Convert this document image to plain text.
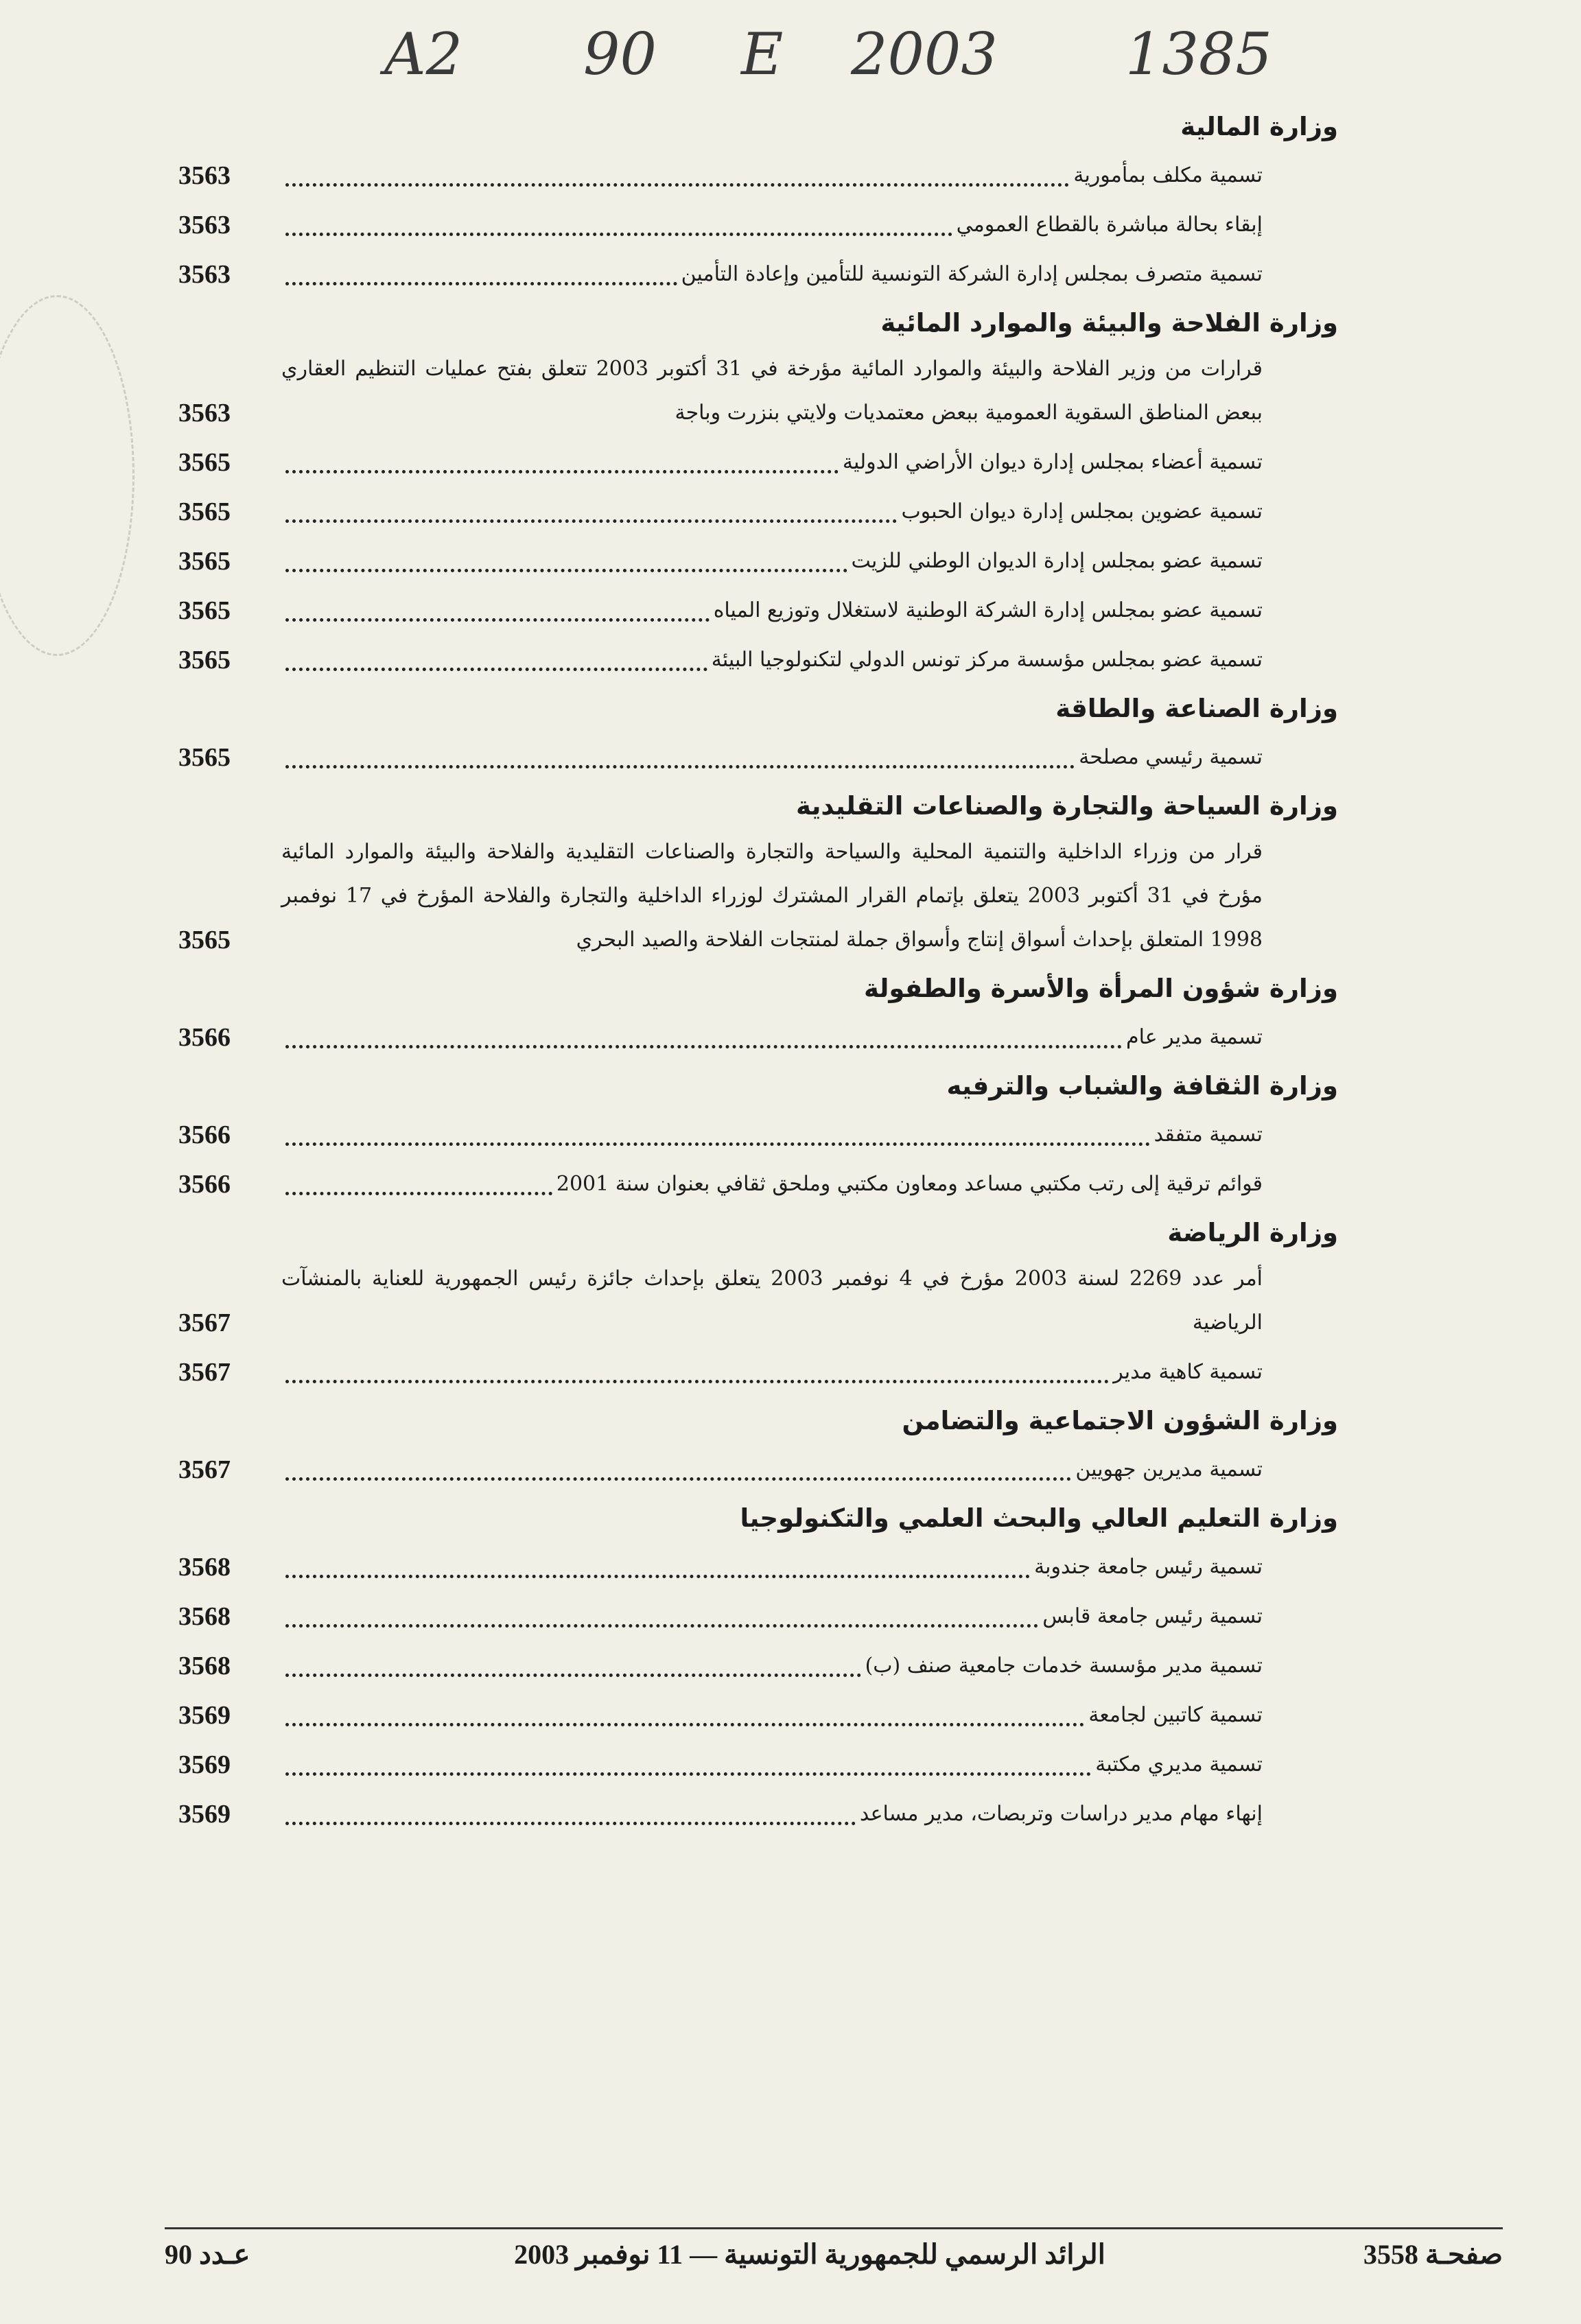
A2 90 E 2003 1385
وزارة المالية
تسمية مكلف بمأمورية
3563
إبقاء بحالة مباشرة بالقطاع العمومي
3563
تسمية متصرف بمجلس إدارة الشركة التونسية للتأمين وإعادة التأمين
3563
وزارة الفلاحة والبيئة والموارد المائية
قرارات من وزير الفلاحة والبيئة والموارد المائية مؤرخة في 31 أكتوبر 2003 تتعلق بفتح عمليات التنظيم العقاري ببعض المناطق السقوية العمومية ببعض معتمديات ولايتي بنزرت وباجة
3563
تسمية أعضاء بمجلس إدارة ديوان الأراضي الدولية
3565
تسمية عضوين بمجلس إدارة ديوان الحبوب
3565
تسمية عضو بمجلس إدارة الديوان الوطني للزيت
3565
تسمية عضو بمجلس إدارة الشركة الوطنية لاستغلال وتوزيع المياه
3565
تسمية عضو بمجلس مؤسسة مركز تونس الدولي لتكنولوجيا البيئة
3565
وزارة الصناعة والطاقة
تسمية رئيسي مصلحة
3565
وزارة السياحة والتجارة والصناعات التقليدية
قرار من وزراء الداخلية والتنمية المحلية والسياحة والتجارة والصناعات التقليدية والفلاحة والبيئة والموارد المائية مؤرخ في 31 أكتوبر 2003 يتعلق بإتمام القرار المشترك لوزراء الداخلية والتجارة والفلاحة المؤرخ في 17 نوفمبر 1998 المتعلق بإحداث أسواق إنتاج وأسواق جملة لمنتجات الفلاحة والصيد البحري
3565
وزارة شؤون المرأة والأسرة والطفولة
تسمية مدير عام
3566
وزارة الثقافة والشباب والترفيه
تسمية متفقد
3566
قوائم ترقية إلى رتب مكتبي مساعد ومعاون مكتبي وملحق ثقافي بعنوان سنة 2001
3566
وزارة الرياضة
أمر عدد 2269 لسنة 2003 مؤرخ في 4 نوفمبر 2003 يتعلق بإحداث جائزة رئيس الجمهورية للعناية بالمنشآت الرياضية
3567
تسمية كاهية مدير
3567
وزارة الشؤون الاجتماعية والتضامن
تسمية مديرين جهويين
3567
وزارة التعليم العالي والبحث العلمي والتكنولوجيا
تسمية رئيس جامعة جندوبة
3568
تسمية رئيس جامعة قابس
3568
تسمية مدير مؤسسة خدمات جامعية صنف (ب)
3568
تسمية كاتبين لجامعة
3569
تسمية مديري مكتبة
3569
إنهاء مهام مدير دراسات وتربصات، مدير مساعد
3569
عـدد 90	الرائد الرسمي للجمهورية التونسية — 11 نوفمبر 2003	صفحـة 3558
